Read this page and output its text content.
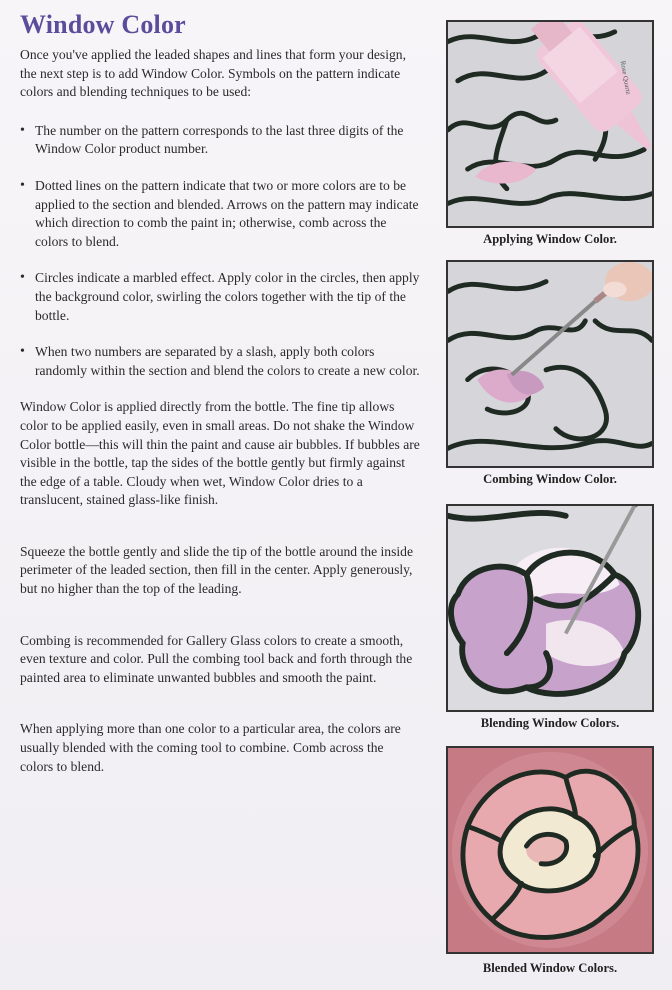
Window Color

Once you've applied the leaded shapes and lines that form your design, the next step is to add Window Color. Symbols on the pattern indicate colors and blending techniques to be used:

• The number on the pattern corresponds to the last three digits of the Window Color product number.
• Dotted lines on the pattern indicate that two or more colors are to be applied to the section and blended. Arrows on the pattern may indicate which direction to comb the paint in; otherwise, comb across the colors to blend.
• Circles indicate a marbled effect. Apply color in the circles, then apply the background color, swirling the colors together with the tip of the bottle.
• When two numbers are separated by a slash, apply both colors randomly within the section and blend the colors to create a new color.

Window Color is applied directly from the bottle. The fine tip allows color to be applied easily, even in small areas. Do not shake the Window Color bottle—this will thin the paint and cause air bubbles. If bubbles are visible in the bottle, tap the sides of the bottle gently but firmly against the edge of a table. Cloudy when wet, Window Color dries to a translucent, stained glass-like finish.

Squeeze the bottle gently and slide the tip of the bottle around the inside perimeter of the leaded section, then fill in the center. Apply generously, but no higher than the top of the leading.

Combing is recommended for Gallery Glass colors to create a smooth, even texture and color. Pull the combing tool back and forth through the painted area to eliminate unwanted bubbles and smooth the paint.

When applying more than one color to a particular area, the colors are usually blended with the coming tool to combine. Comb across the colors to blend.

Rose Quartz
Applying Window Color.
Combing Window Color.
Blending Window Colors.
Blended Window Colors.
